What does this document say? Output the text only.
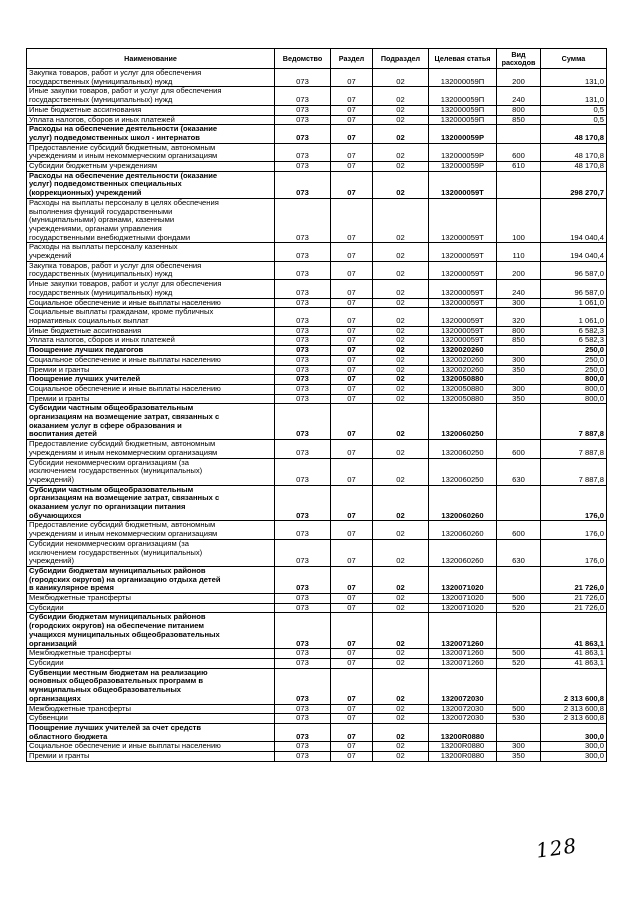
Наименование	Ведомство	Раздел	Подраздел	Целевая статья	Вид расходов	Сумма

Закупка товаров, работ и услуг для обеспечения
государственных (муниципальных) нужд	073	07	02	132000059П	200	131,0

Иные закупки товаров, работ и услуг для обеспечения
государственных (муниципальных) нужд	073	07	02	132000059П	240	131,0

Иные бюджетные ассигнования	073	07	02	132000059П	800	0,5

Уплата налогов, сборов и иных платежей	073	07	02	132000059П	850	0,5

Расходы на обеспечение деятельности (оказание
услуг) подведомственных школ - интернатов	073	07	02	132000059Р		48 170,8

Предоставление субсидий бюджетным, автономным
учреждениям и иным некоммерческим организациям	073	07	02	132000059Р	600	48 170,8

Субсидии бюджетным учреждениям	073	07	02	132000059Р	610	48 170,8

Расходы на обеспечение деятельности (оказание
услуг) подведомственных специальных
(коррекционных) учреждений	073	07	02	132000059Т		298 270,7

Расходы на выплаты персоналу в целях обеспечения
выполнения функций государственными
(муниципальными) органами, казенными
учреждениями, органами управления
государственными внебюджетными фондами	073	07	02	132000059Т	100	194 040,4

Расходы на выплаты персоналу казенных
учреждений	073	07	02	132000059Т	110	194 040,4

Закупка товаров, работ и услуг для обеспечения
государственных (муниципальных) нужд	073	07	02	132000059Т	200	96 587,0

Иные закупки товаров, работ и услуг для обеспечения
государственных (муниципальных) нужд	073	07	02	132000059Т	240	96 587,0

Социальное обеспечение и иные выплаты населению	073	07	02	132000059Т	300	1 061,0

Социальные выплаты гражданам, кроме публичных
нормативных социальных выплат	073	07	02	132000059Т	320	1 061,0

Иные бюджетные ассигнования	073	07	02	132000059Т	800	6 582,3

Уплата налогов, сборов и иных платежей	073	07	02	132000059Т	850	6 582,3

Поощрение лучших педагогов	073	07	02	1320020260		250,0

Социальное обеспечение и иные выплаты населению	073	07	02	1320020260	300	250,0

Премии и гранты	073	07	02	1320020260	350	250,0

Поощрение лучших учителей	073	07	02	1320050880		800,0

Социальное обеспечение и иные выплаты населению	073	07	02	1320050880	300	800,0

Премии и гранты	073	07	02	1320050880	350	800,0

Субсидии частным общеобразовательным
организациям на возмещение затрат, связанных с
оказанием услуг в сфере образования и
воспитания детей	073	07	02	1320060250		7 887,8

Предоставление субсидий бюджетным, автономным
учреждениям и иным некоммерческим организациям	073	07	02	1320060250	600	7 887,8

Субсидии некоммерческим организациям (за
исключением государственных (муниципальных)
учреждений)	073	07	02	1320060250	630	7 887,8

Субсидии частным общеобразовательным
организациям на возмещение затрат, связанных с
оказанием услуг по организации питания
обучающихся	073	07	02	1320060260		176,0

Предоставление субсидий бюджетным, автономным
учреждениям и иным некоммерческим организациям	073	07	02	1320060260	600	176,0

Субсидии некоммерческим организациям (за
исключением государственных (муниципальных)
учреждений)	073	07	02	1320060260	630	176,0

Субсидии бюджетам муниципальных районов
(городских округов) на организацию отдыха детей
в каникулярное время	073	07	02	1320071020		21 726,0

Межбюджетные трансферты	073	07	02	1320071020	500	21 726,0

Субсидии	073	07	02	1320071020	520	21 726,0

Субсидии бюджетам муниципальных районов
(городских округов) на обеспечение питанием
учащихся муниципальных общеобразовательных
организаций	073	07	02	1320071260		41 863,1

Межбюджетные трансферты	073	07	02	1320071260	500	41 863,1

Субсидии	073	07	02	1320071260	520	41 863,1

Субвенции местным бюджетам на реализацию
основных общеобразовательных программ в
муниципальных общеобразовательных
организациях	073	07	02	1320072030		2 313 600,8

Межбюджетные трансферты	073	07	02	1320072030	500	2 313 600,8

Субвенции	073	07	02	1320072030	530	2 313 600,8

Поощрение лучших учителей за счет средств
областного бюджета	073	07	02	13200R0880		300,0

Социальное обеспечение и иные выплаты населению	073	07	02	13200R0880	300	300,0

Премии и гранты	073	07	02	13200R0880	350	300,0
128
